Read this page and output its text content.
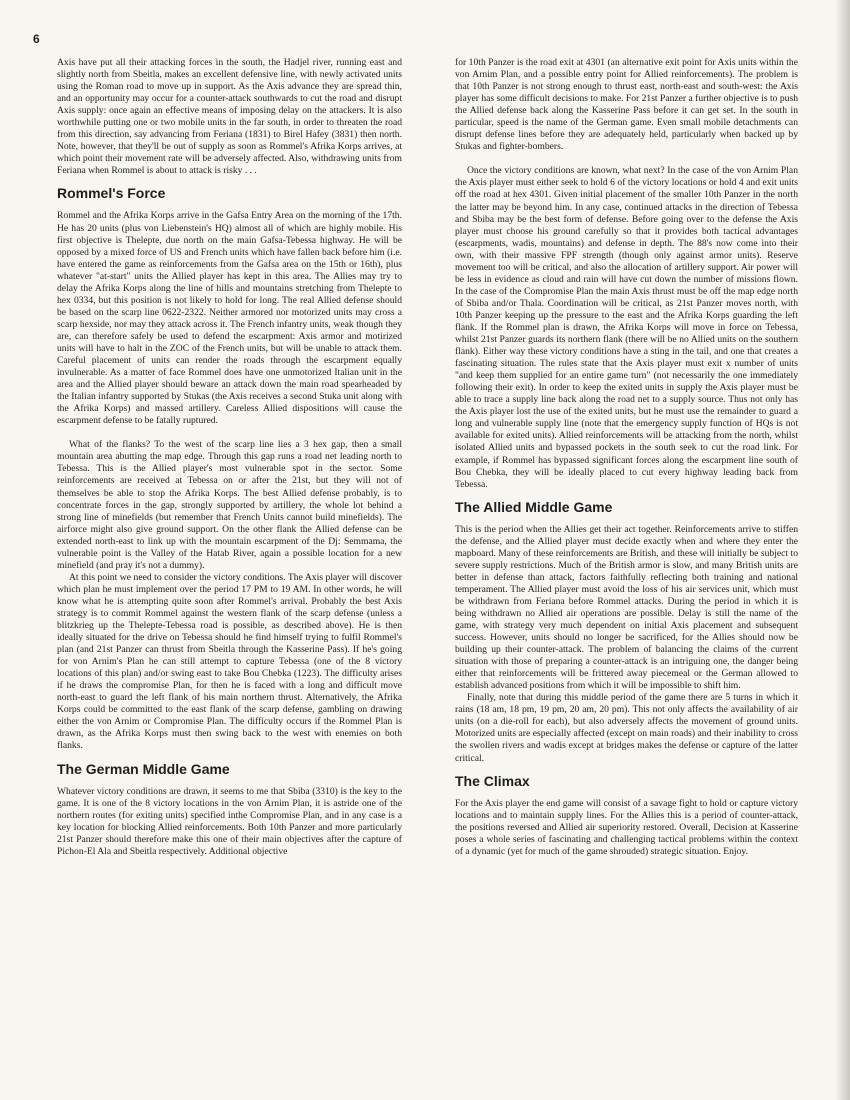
6

Axis have put all their attacking forces in the south, the Hadjel river, running east and slightly north from Sbeitla, makes an excellent defensive line, with newly activated units using the Roman road to move up in support. As the Axis advance they are spread thin, and an opportunity may occur for a counter-attack southwards to cut the road and disrupt Axis supply: once again an effective means of imposing delay on the attackers. It is also worthwhile putting one or two mobile units in the far south, in order to threaten the road from this direction, say advancing from Feriana (1831) to Birel Hafey (3831) then north. Note, however, that they'll be out of supply as soon as Rommel's Afrika Korps arrives, at which point their movement rate will be adversely affected. Also, withdrawing units from Feriana when Rommel is about to attack is risky . . .

Rommel's Force

Rommel and the Afrika Korps arrive in the Gafsa Entry Area on the morning of the 17th. He has 20 units (plus von Liebenstein's HQ) almost all of which are highly mobile. His first objective is Thelepte, due north on the main Gafsa-Tebessa highway. He will be opposed by a mixed force of US and French units which have fallen back before him (i.e. have entered the game as reinforcements from the Gafsa area on the 15th or 16th), plus whatever "at-start" units the Allied player has kept in this area. The Allies may try to delay the Afrika Korps along the line of hills and mountains stretching from Thelepte to hex 0334, but this position is not likely to hold for long. The real Allied defense should be based on the scarp line 0622-2322. Neither armored nor motorized units may cross a scarp hexside, nor may they attack across it. The French infantry units, weak though they are, can therefore safely be used to defend the escarpment: Axis armor and motirized units will have to halt in the ZOC of the French units, but will be unable to attack them. Careful placement of units can render the roads through the escarpment equally invulnerable. As a matter of face Rommel does have one unmotorized Italian unit in the area and the Allied player should beware an attack down the main road spearheaded by the Italian infantry supported by Stukas (the Axis receives a second Stuka unit along with the Afrika Korps) and massed artillery. Careless Allied dispositions will cause the escarpment defense to be fatally ruptured.

What of the flanks? To the west of the scarp line lies a 3 hex gap, then a small mountain area abutting the map edge. Through this gap runs a road net leading north to Tebessa. This is the Allied player's most vulnerable spot in the sector. Some reinforcements are received at Tebessa on or after the 21st, but they will not of themselves be able to stop the Afrika Korps. The best Allied defense probably, is to concentrate forces in the gap, strongly supported by artillery, the whole lot behind a strong line of minefields (but remember that French Units cannot build minefields). The airforce might also give ground support. On the other flank the Allied defense can be extended north-east to link up with the mountain escarpment of the Dj: Semmama, the vulnerable point is the Valley of the Hatab River, again a possible location for a new minefield (and pray it's not a dummy).

At this point we need to consider the victory conditions. The Axis player will discover which plan he must implement over the period 17 PM to 19 AM. In other words, he will know what he is attempting quite soon after Rommel's arrival. Probably the best Axis strategy is to commit Rommel against the western flank of the scarp defense (unless a blitzkrieg up the Thelepte-Tebessa road is possible, as described above). He is then ideally situated for the drive on Tebessa should he find himself trying to fulfil Rommel's plan (and 21st Panzer can thrust from Sbeitla through the Kasserine Pass). If he's going for von Arnim's Plan he can still attempt to capture Tebessa (one of the 8 victory locations of this plan) and/or swing east to take Bou Chebka (1223). The difficulty arises if he draws the compromise Plan, for then he is faced with a long and difficult move north-east to guard the left flank of his main northern thrust. Alternatively, the Afrika Korps could be committed to the east flank of the scarp defense, gambling on drawing either the von Arnim or Compromise Plan. The difficulty occurs if the Rommel Plan is drawn, as the Afrika Korps must then swing back to the west with enemies on both flanks.

The German Middle Game

Whatever victory conditions are drawn, it seems to me that Sbiba (3310) is the key to the game. It is one of the 8 victory locations in the von Arnim Plan, it is astride one of the northern routes (for exiting units) specified inthe Compromise Plan, and in any case is a key location for blocking Allied reinforcements. Both 10th Panzer and more particularly 21st Panzer should therefore make this one of their main objectives after the capture of Pichon-El Ala and Sbeitla respectively. Additional objective

for 10th Panzer is the road exit at 4301 (an alternative exit point for Axis units within the von Arnim Plan, and a possible entry point for Allied reinforcements). The problem is that 10th Panzer is not strong enough to thrust east, north-east and south-west: the Axis player has some difficult decisions to make. For 21st Panzer a further objective is to push the Allied defense back along the Kasserine Pass before it can get set. In the south in particular, speed is the name of the German game. Even small mobile detachments can disrupt defense lines before they are adequately held, particularly when backed up by Stukas and fighter-bombers.

Once the victory conditions are known, what next? In the case of the von Arnim Plan the Axis player must either seek to hold 6 of the victory locations or hold 4 and exit units off the road at hex 4301. Given initial placement of the smaller 10th Panzer in the north the latter may be beyond him. In any case, continued attacks in the direction of Tebessa and Sbiba may be the best form of defense. Before going over to the defense the Axis player must choose his ground carefully so that it provides both tactical advantages (escarpments, wadis, mountains) and defense in depth. The 88's now come into their own, with their massive FPF strength (though only against armor units). Reserve movement too will be critical, and also the allocation of artillery support. Air power will be less in evidence as cloud and rain will have cut down the number of missions flown. In the case of the Compromise Plan the main Axis thrust must be off the map edge north of Sbiba and/or Thala. Coordination will be critical, as 21st Panzer moves north, with 10th Panzer keeping up the pressure to the east and the Afrika Korps guarding the left flank. If the Rommel plan is drawn, the Afrika Korps will move in force on Tebessa, whilst 21st Panzer guards its northern flank (there will be no Allied units on the southern flank). Either way these victory conditions have a sting in the tail, and one that creates a fascinating situation. The rules state that the Axis player must exit x number of units "and keep them supplied for an entire game turn" (not necessarily the one immediately following their exit). In order to keep the exited units in supply the Axis player must be able to trace a supply line back along the road net to a supply source. Thus not only has the Axis player lost the use of the exited units, but he must use the remainder to guard a long and vulnerable supply line (note that the emergency supply function of HQs is not available for exited units). Allied reinforcements will be attacking from the north, whilst isolated Allied units and bypassed pockets in the south seek to cut the road link. For example, if Rommel has bypassed significant forces along the escarpment line south of Bou Chebka, they will be ideally placed to cut every highway leading back from Tebessa.

The Allied Middle Game

This is the period when the Allies get their act together. Reinforcements arrive to stiffen the defense, and the Allied player must decide exactly when and where they enter the mapboard. Many of these reinforcements are British, and these will initially be subject to severe supply restrictions. Much of the British armor is slow, and many British units are better in defense than attack, factors faithfully reflecting both training and national temperament. The Allied player must avoid the loss of his air services unit, which must be withdrawn from Feriana before Rommel attacks. During the period in which it is being withdrawn no Allied air operations are possible. Delay is still the name of the game, with strategy very much dependent on initial Axis placement and subsequent success. However, units should no longer be sacrificed, for the Allies should now be building up their counter-attack. The problem of balancing the claims of the current situation with those of preparing a counter-attack is an intriguing one, the danger being either that reinforcements will be frittered away piecemeal or the German allowed to establish advanced positions from which it will be impossible to shift him.

Finally, note that during this middle period of the game there are 5 turns in which it rains (18 am, 18 pm, 19 pm, 20 am, 20 pm). This not only affects the availability of air units (on a die-roll for each), but also adversely affects the movement of ground units. Motorized units are especially affected (except on main roads) and their inability to cross the swollen rivers and wadis except at bridges makes the defense or capture of the latter critical.

The Climax

For the Axis player the end game will consist of a savage fight to hold or capture victory locations and to maintain supply lines. For the Allies this is a period of counter-attack, the positions reversed and Allied air superiority restored. Overall, Decision at Kasserine poses a whole series of fascinating and challenging tactical problems within the context of a dynamic (yet for much of the game shrouded) strategic situation. Enjoy.
